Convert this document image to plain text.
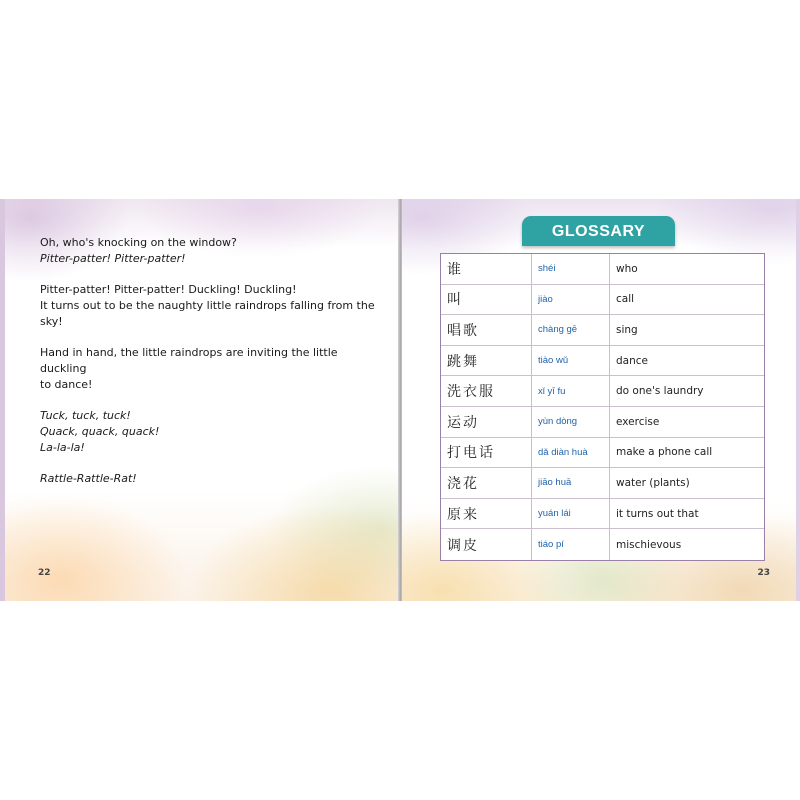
Oh, who's knocking on the window?

Pitter-patter! Pitter-patter!

Pitter-patter! Pitter-patter! Duckling! Duckling!

It turns out to be the naughty little raindrops falling from the

sky!

Hand in hand, the little raindrops are inviting the little duckling

to dance!

Tuck, tuck, tuck!

Quack, quack, quack!

La-la-la!

Rattle-Rattle-Rat!

22
GLOSSARY
谁	shéi	who
叫	jiào	call
唱歌	chàng gē	sing
跳舞	tiào wǔ	dance
洗衣服	xǐ yī fu	do one's laundry
运动	yùn dòng	exercise
打电话	dǎ diàn huà	make a phone call
浇花	jiāo huā	water (plants)
原来	yuán lái	it turns out that
调皮	tiáo pí	mischievous
23
